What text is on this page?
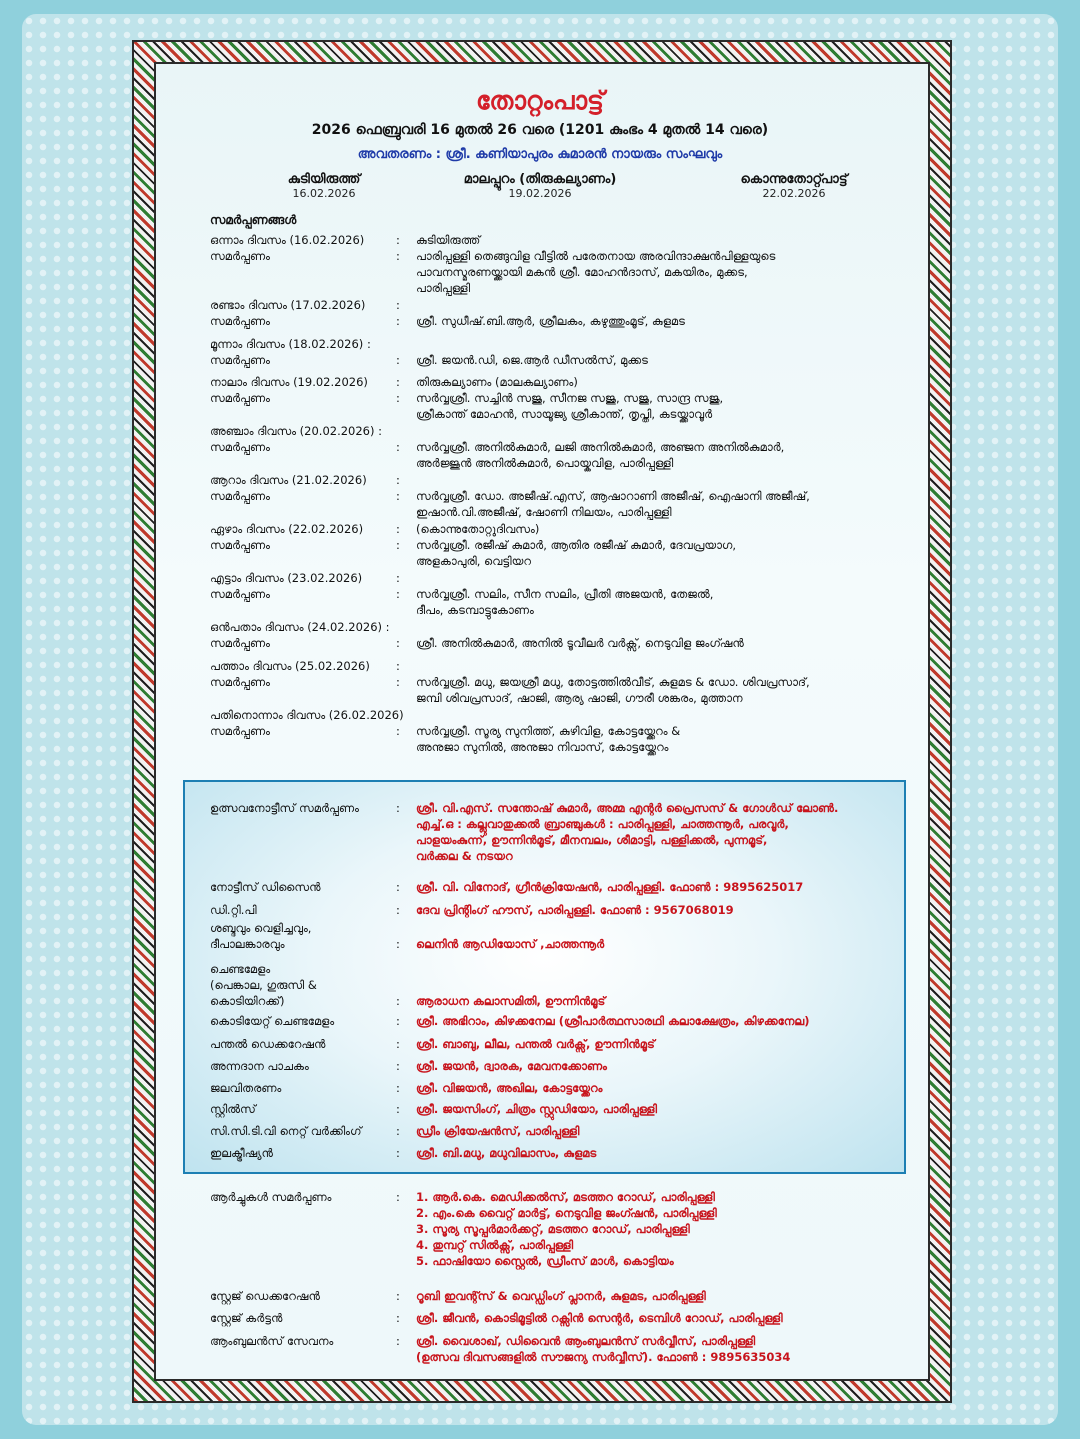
തോറ്റംപാട്ട്
2026 ഫെബ്രുവരി 16 മുതൽ 26 വരെ (1201 കുംഭം 4 മുതൽ 14 വരെ)
അവതരണം : ശ്രീ. കണിയാപുരം കുമാരൻ നായരും സംഘവും
കുടിയിരുത്ത്
16.02.2026
മാലപ്പുറം (തിരുകല്യാണം)
19.02.2026
കൊന്നുതോറ്റ്പാട്ട്
22.02.2026
സമർപ്പണങ്ങൾ
ഒന്നാം ദിവസം (16.02.2026)	: കുടിയിരുത്ത്
സമർപ്പണം	: പാരിപ്പള്ളി തെങ്ങുവിള വീട്ടിൽ പരേതനായ അരവിന്ദാക്ഷൻപിള്ളയുടെ
പാവനസ്മരണയ്ക്കായി മകൻ ശ്രീ. മോഹൻദാസ്, മകയിരം, മുക്കട,
പാരിപ്പള്ളി
രണ്ടാം ദിവസം (17.02.2026)	:
സമർപ്പണം	: ശ്രീ. സുധീഷ്.ബി.ആർ, ശ്രീലകം, കഴുത്തുംമൂട്, കുളമട
മൂന്നാം ദിവസം (18.02.2026) :
സമർപ്പണം	: ശ്രീ. ജയൻ.ഡി, ജെ.ആർ ഡീസൽസ്, മുക്കട
നാലാം ദിവസം (19.02.2026)	: തിരുകല്യാണം (മാലകല്യാണം)
സമർപ്പണം	: സർവ്വശ്രീ. സച്ചിൻ സജു, സീനജ സജു, സജു, സാന്ദ്ര സജു,
ശ്രീകാന്ത് മോഹൻ, സായൂജ്യ ശ്രീകാന്ത്, തൃപ്തി, കടയ്ക്കാവൂർ
അഞ്ചാം ദിവസം (20.02.2026) :
സമർപ്പണം	: സർവ്വശ്രീ. അനിൽകുമാർ, ലജി അനിൽകുമാർ, അഞ്ജന അനിൽകുമാർ,
അർജ്ജുൻ അനിൽകുമാർ, പൊയ്കവിള, പാരിപ്പള്ളി
ആറാം ദിവസം (21.02.2026)	:
സമർപ്പണം	: സർവ്വശ്രീ. ഡോ. അജീഷ്.എസ്, ആഷാറാണി അജീഷ്, ഐഷാനി അജീഷ്,
ഇഷാൻ.വി.അജീഷ്, ഷോണി നിലയം, പാരിപ്പള്ളി
ഏഴാം ദിവസം (22.02.2026)	: (കൊന്നുതോറ്റുദിവസം)
സമർപ്പണം	: സർവ്വശ്രീ. രജീഷ് കുമാർ, ആതിര രജീഷ് കുമാർ, ദേവപ്രയാഗ,
അളകാപുരി, വെട്ടിയറ
എട്ടാം ദിവസം (23.02.2026)	:
സമർപ്പണം	: സർവ്വശ്രീ. സലിം, സീന സലിം, പ്രീതി അജയൻ, തേജൽ,
ദീപം, കടമ്പാട്ടുകോണം
ഒൻപതാം ദിവസം (24.02.2026) :
സമർപ്പണം	: ശ്രീ. അനിൽകുമാർ, അനിൽ ടൂവീലർ വർക്സ്, നെടുവിള ജംഗ്ഷൻ
പത്താം ദിവസം (25.02.2026)	:
സമർപ്പണം	: സർവ്വശ്രീ. മധു, ജയശ്രീ മധു, തോട്ടത്തിൽവീട്, കുളമട & ഡോ. ശിവപ്രസാദ്,
ജമ്പി ശിവപ്രസാദ്, ഷാജി, ആര്യ ഷാജി, ഗൗരീ ശങ്കരം, മുത്താന
പതിനൊന്നാം ദിവസം (26.02.2026)
സമർപ്പണം	: സർവ്വശ്രീ. സൂര്യ സുനിത്ത്, കുഴിവിള, കോട്ടയ്ക്കേറം &
അനുജാ സുനിൽ, അനുജാ നിവാസ്, കോട്ടയ്ക്കേറം
ഉത്സവനോട്ടീസ് സമർപ്പണം	: ശ്രീ. വി.എസ്. സന്തോഷ് കുമാർ, അമ്മ എന്റർ പ്രൈസസ് & ഗോൾഡ് ലോൺ.
എച്ച്.ഒ : കല്ലുവാതുക്കൽ ബ്രാഞ്ചുകൾ : പാരിപ്പള്ളി, ചാത്തന്നൂർ, പരവൂർ,
പാളയംകുന്ന്, ഊന്നിൻമൂട്, മീനമ്പലം, ശീമാട്ടി, പള്ളിക്കൽ, പുന്നമൂട്,
വർക്കല & നടയറ
നോട്ടീസ് ഡിസൈൻ	: ശ്രീ. വി. വിനോദ്, ഗ്രീൻക്രിയേഷൻ, പാരിപ്പള്ളി. ഫോൺ : 9895625017
ഡി.റ്റി.പി	: ദേവ പ്രിന്റിംഗ് ഹൗസ്, പാരിപ്പള്ളി. ഫോൺ : 9567068019
ശബ്ദവും വെളിച്ചവും,
ദീപാലങ്കാരവും	: ലെനിൻ ആഡിയോസ് ,ചാത്തന്നൂർ
ചെണ്ടമേളം
(പെങ്കാല, ഗുരുസി &
കൊടിയിറക്ക്)	: ആരാധന കലാസമിതി, ഊന്നിൻമൂട്
കൊടിയേറ്റ് ചെണ്ടമേളം	: ശ്രീ. അഭിറാം, കിഴക്കനേല (ശ്രീപാർത്ഥസാരഥി കലാക്ഷേത്രം, കിഴക്കനേല)
പന്തൽ ഡെക്കറേഷൻ	: ശ്രീ. ബാബു, ലീല, പന്തൽ വർക്സ്, ഊന്നിൻമൂട്
അന്നദാന പാചകം	: ശ്രീ. ജയൻ, ദ്വാരക, മേവനക്കോണം
ജലവിതരണം	: ശ്രീ. വിജയൻ, അഖില, കോട്ടയ്ക്കേറം
സ്റ്റിൽസ്	: ശ്രീ. ജയസിംഗ്, ചിത്രം സ്റ്റുഡിയോ, പാരിപ്പള്ളി
സി.സി.ടി.വി നെറ്റ് വർക്കിംഗ്	: ഡ്രീം ക്രിയേഷൻസ്, പാരിപ്പള്ളി
ഇലക്ട്രീഷ്യൻ	: ശ്രീ. ബി.മധു, മധുവിലാസം, കുളമട
ആർച്ചുകൾ സമർപ്പണം	: 1. ആർ.കെ. മെഡിക്കൽസ്, മടത്തറ റോഡ്, പാരിപ്പള്ളി
2. എം.കെ വൈറ്റ് മാർട്ട്, നെടുവിള ജംഗ്ഷൻ, പാരിപ്പള്ളി
3. സൂര്യ സൂപ്പർമാർക്കറ്റ്, മടത്തറ റോഡ്, പാരിപ്പള്ളി
4. തുമ്പറ്റ് സിൽക്സ്, പാരിപ്പള്ളി
5. ഫാഷിയോ സ്റ്റൈൽ, ഡ്രീംസ് മാൾ, കൊട്ടിയം
സ്റ്റേജ് ഡെക്കറേഷൻ	: റൂബി ഇവന്റ്സ് & വെഡ്ഡിംഗ് പ്ലാനർ, കുളമട, പാരിപ്പള്ളി
സ്റ്റേജ് കർട്ടൻ	: ശ്രീ. ജീവൻ, കൊടിമൂട്ടിൽ റക്സിൻ സെന്റർ, ടെമ്പിൾ റോഡ്, പാരിപ്പള്ളി
ആംബുലൻസ് സേവനം	: ശ്രീ. വൈശാഖ്, ഡിവൈൻ ആംബുലൻസ് സർവ്വീസ്, പാരിപ്പള്ളി
(ഉത്സവ ദിവസങ്ങളിൽ സൗജന്യ സർവ്വീസ്). ഫോൺ : 9895635034
